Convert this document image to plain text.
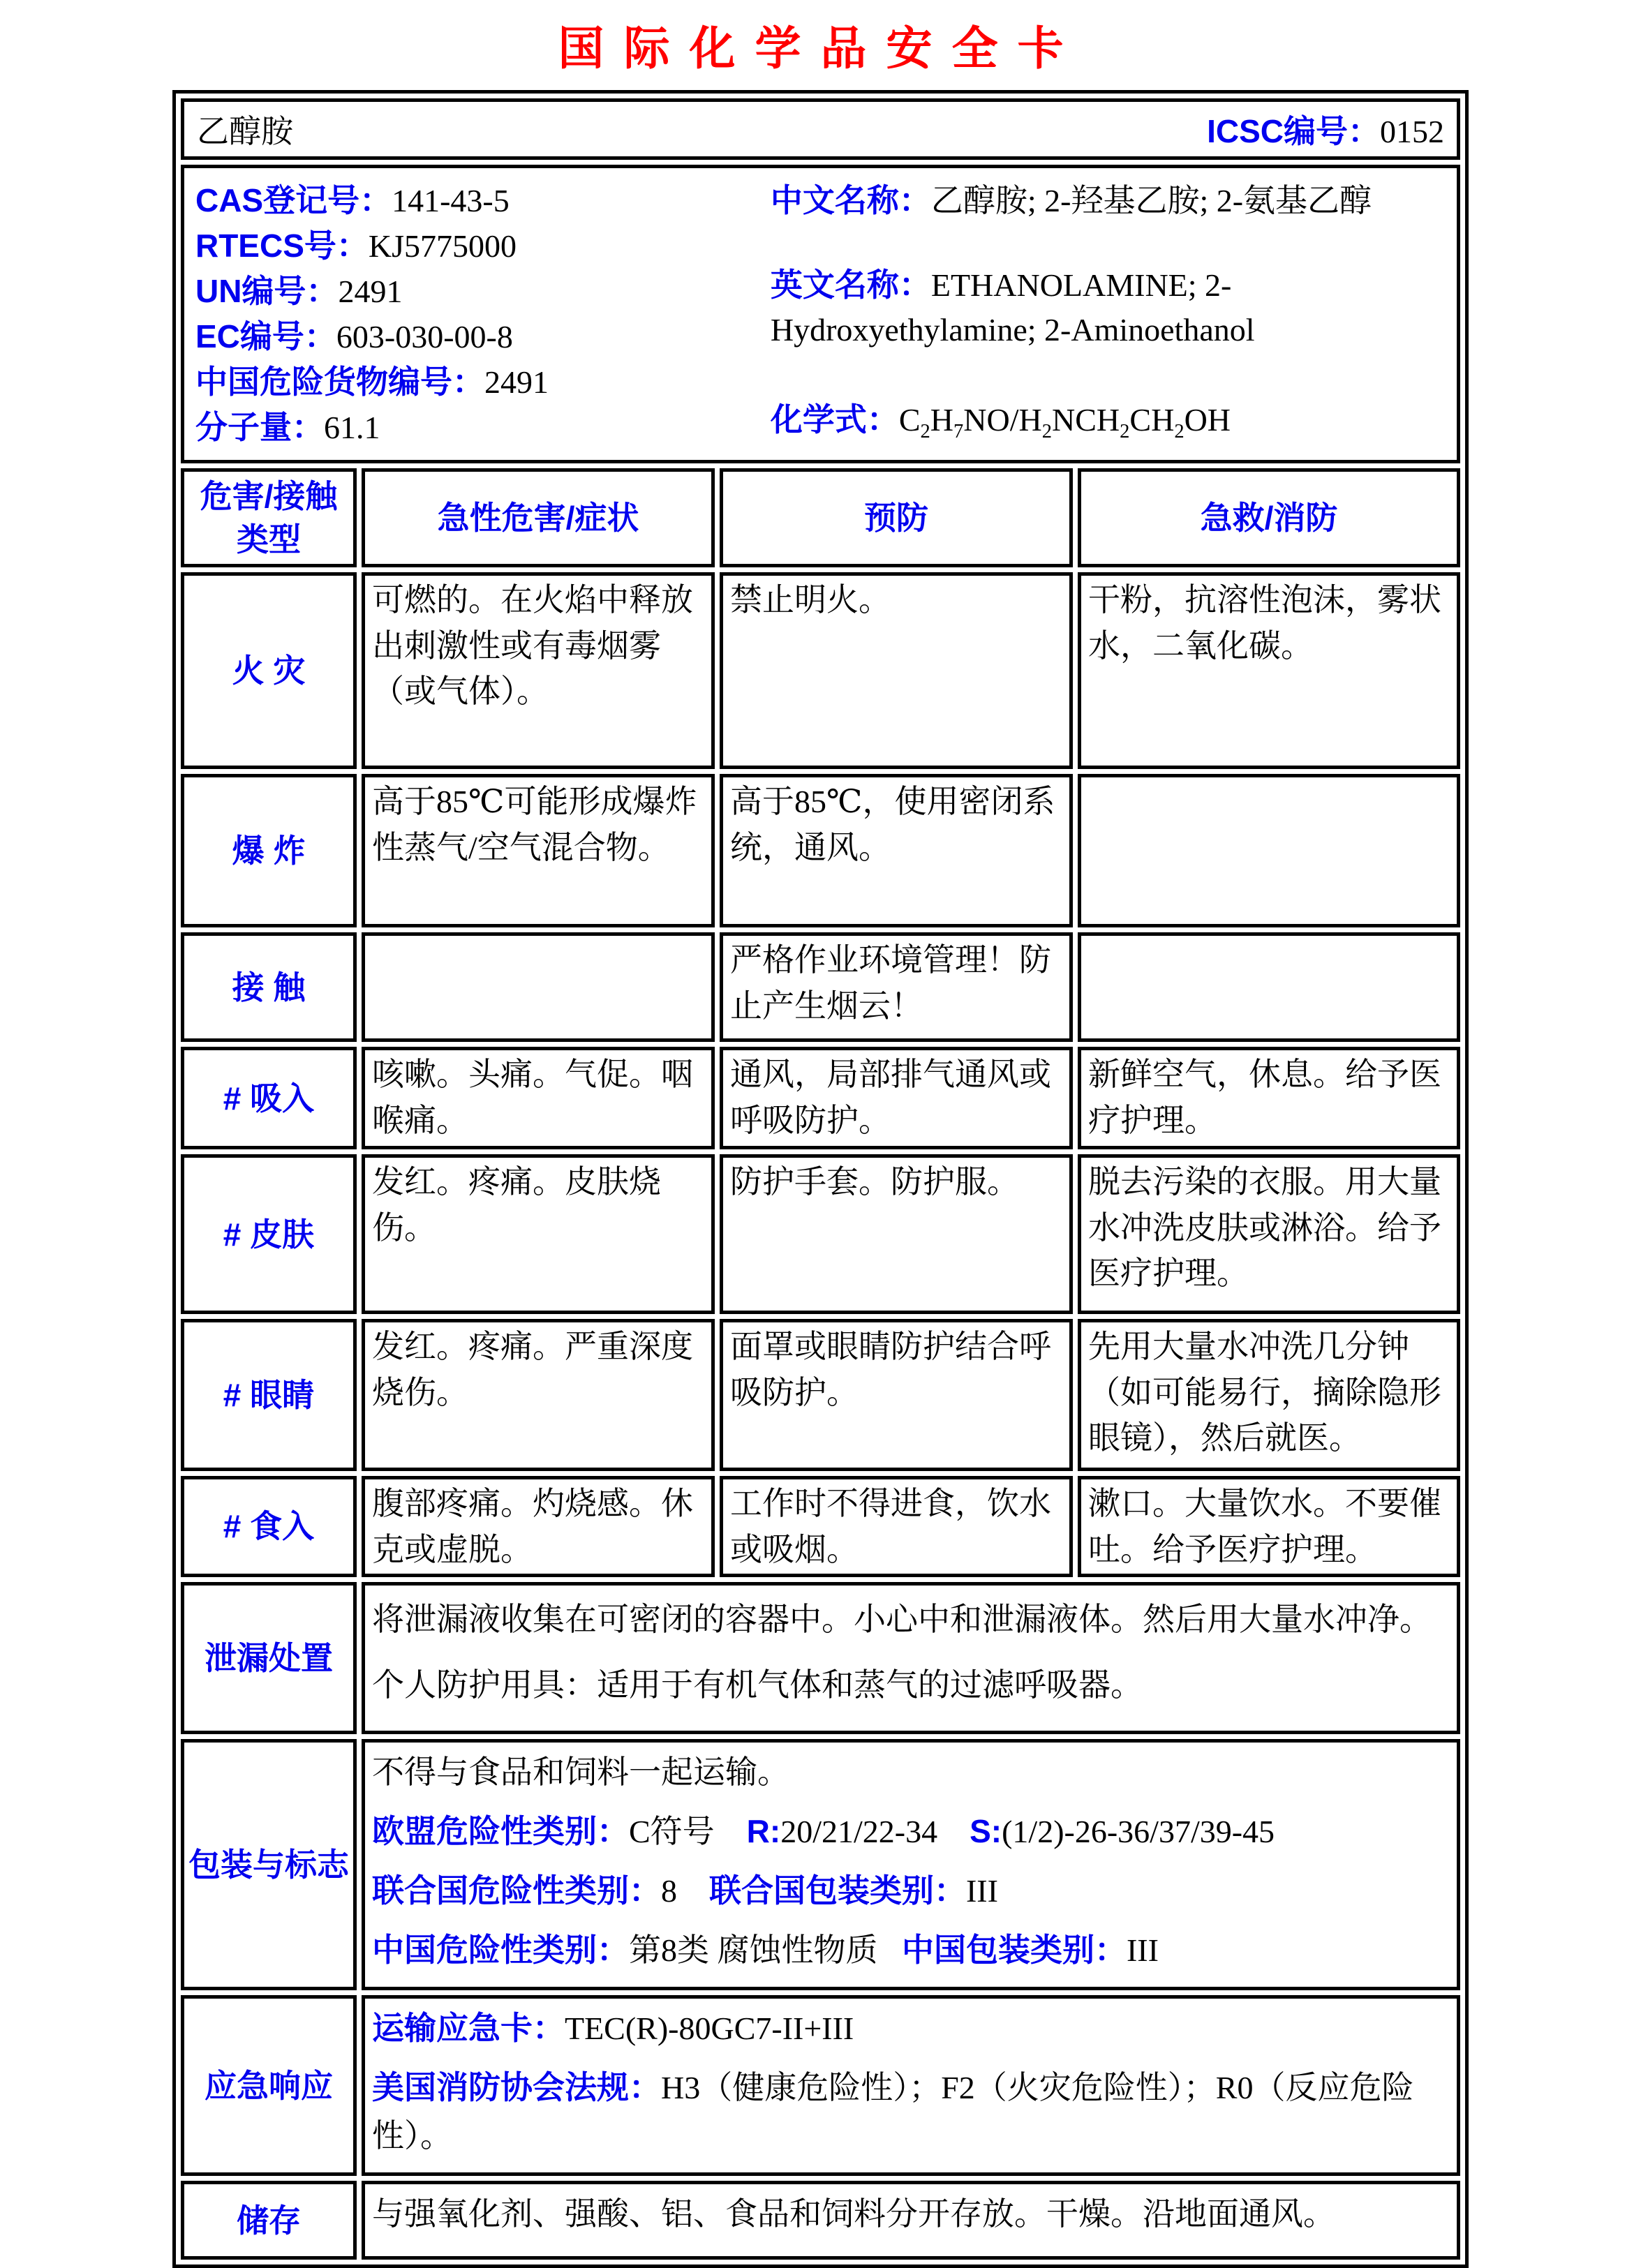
国际化学品安全卡
乙醇胺 ICSC编号：0152			

CAS登记号：141-43-5
RTECS号：KJ5775000
UN编号：2491
EC编号：603-030-00-8
中国危险货物编号：2491
分子量：61.1
中文名称：乙醇胺; 2-羟基乙胺; 2-氨基乙醇
英文名称：ETHANOLAMINE; 2-Hydroxyethylamine; 2-Aminoethanol
化学式：$C_2H_7NO/H_2NCH_2CH_2OH$

危害/接触 类型	急性危害/症状	预防	急救/消防
火 灾	可燃的。在火焰中释放出刺激性或有毒烟雾（或气体）。	禁止明火。	干粉，抗溶性泡沫，雾状水，二氧化碳。
爆 炸	高于85℃可能形成爆炸性蒸气/空气混合物。	高于85℃，使用密闭系统，通风。	
接 触		严格作业环境管理！防止产生烟云！	
# 吸入	咳嗽。头痛。气促。咽喉痛。	通风，局部排气通风或呼吸防护。	新鲜空气，休息。给予医疗护理。
# 皮肤	发红。疼痛。皮肤烧伤。	防护手套。防护服。	脱去污染的衣服。用大量水冲洗皮肤或淋浴。给予医疗护理。
# 眼睛	发红。疼痛。严重深度烧伤。	面罩或眼睛防护结合呼吸防护。	先用大量水冲洗几分钟（如可能易行，摘除隐形眼镜），然后就医。
# 食入	腹部疼痛。灼烧感。休克或虚脱。	工作时不得进食，饮水或吸烟。	漱口。大量饮水。不要催吐。给予医疗护理。
泄漏处置	将泄漏液收集在可密闭的容器中。小心中和泄漏液体。然后用大量水冲净。个人防护用具：适用于有机气体和蒸气的过滤呼吸器。		

包装与标志	不得与食品和饲料一起运输。
欧盟危险性类别：C符号    R:20/21/22-34    S:(1/2)-26-36/37/39-45
联合国危险性类别：8    联合国包装类别：III
中国危险性类别：第8类 腐蚀性物质   中国包装类别：III		

应急响应	运输应急卡：TEC(R)-80GC7-II+III
美国消防协会法规：H3（健康危险性）；F2（火灾危险性）；R0（反应危险性）。		

储存	与强氧化剂、强酸、铝、食品和饲料分开存放。干燥。沿地面通风。		
